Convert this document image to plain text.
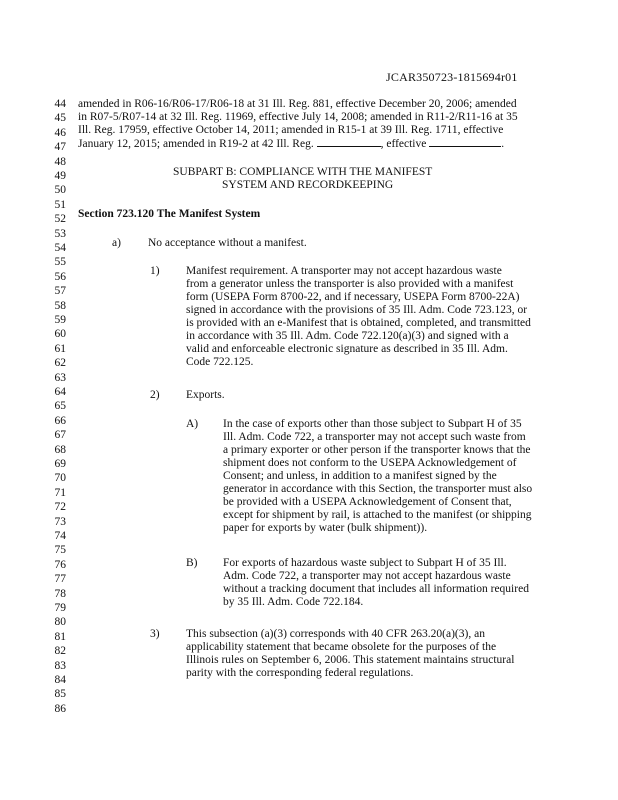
JCAR350723-1815694r01
44
45
46
47
48
49
50
51
52
53
54
55
56
57
58
59
60
61
62
63
64
65
66
67
68
69
70
71
72
73
74
75
76
77
78
79
80
81
82
83
84
85
86
amended in R06-16/R06-17/R06-18 at 31 Ill. Reg. 881, effective December 20, 2006; amended
in R07-5/R07-14 at 32 Ill. Reg. 11969, effective July 14, 2008; amended in R11-2/R11-16 at 35
Ill. Reg. 17959, effective October 14, 2011; amended in R15-1 at 39 Ill. Reg. 1711, effective
January 12, 2015; amended in R19-2 at 42 Ill. Reg.	, effective	.
SUBPART B: COMPLIANCE WITH THE MANIFEST
SYSTEM AND RECORDKEEPING
Section 723.120 The Manifest System
a) No acceptance without a manifest.
1) Manifest requirement. A transporter may not accept hazardous waste
from a generator unless the transporter is also provided with a manifest
form (USEPA Form 8700-22, and if necessary, USEPA Form 8700-22A)
signed in accordance with the provisions of 35 Ill. Adm. Code 723.123, or
is provided with an e-Manifest that is obtained, completed, and transmitted
in accordance with 35 Ill. Adm. Code 722.120(a)(3) and signed with a
valid and enforceable electronic signature as described in 35 Ill. Adm.
Code 722.125.
2) Exports.
A) In the case of exports other than those subject to Subpart H of 35
Ill. Adm. Code 722, a transporter may not accept such waste from
a primary exporter or other person if the transporter knows that the
shipment does not conform to the USEPA Acknowledgement of
Consent; and unless, in addition to a manifest signed by the
generator in accordance with this Section, the transporter must also
be provided with a USEPA Acknowledgement of Consent that,
except for shipment by rail, is attached to the manifest (or shipping
paper for exports by water (bulk shipment)).
B) For exports of hazardous waste subject to Subpart H of 35 Ill.
Adm. Code 722, a transporter may not accept hazardous waste
without a tracking document that includes all information required
by 35 Ill. Adm. Code 722.184.
3) This subsection (a)(3) corresponds with 40 CFR 263.20(a)(3), an
applicability statement that became obsolete for the purposes of the
Illinois rules on September 6, 2006. This statement maintains structural
parity with the corresponding federal regulations.
